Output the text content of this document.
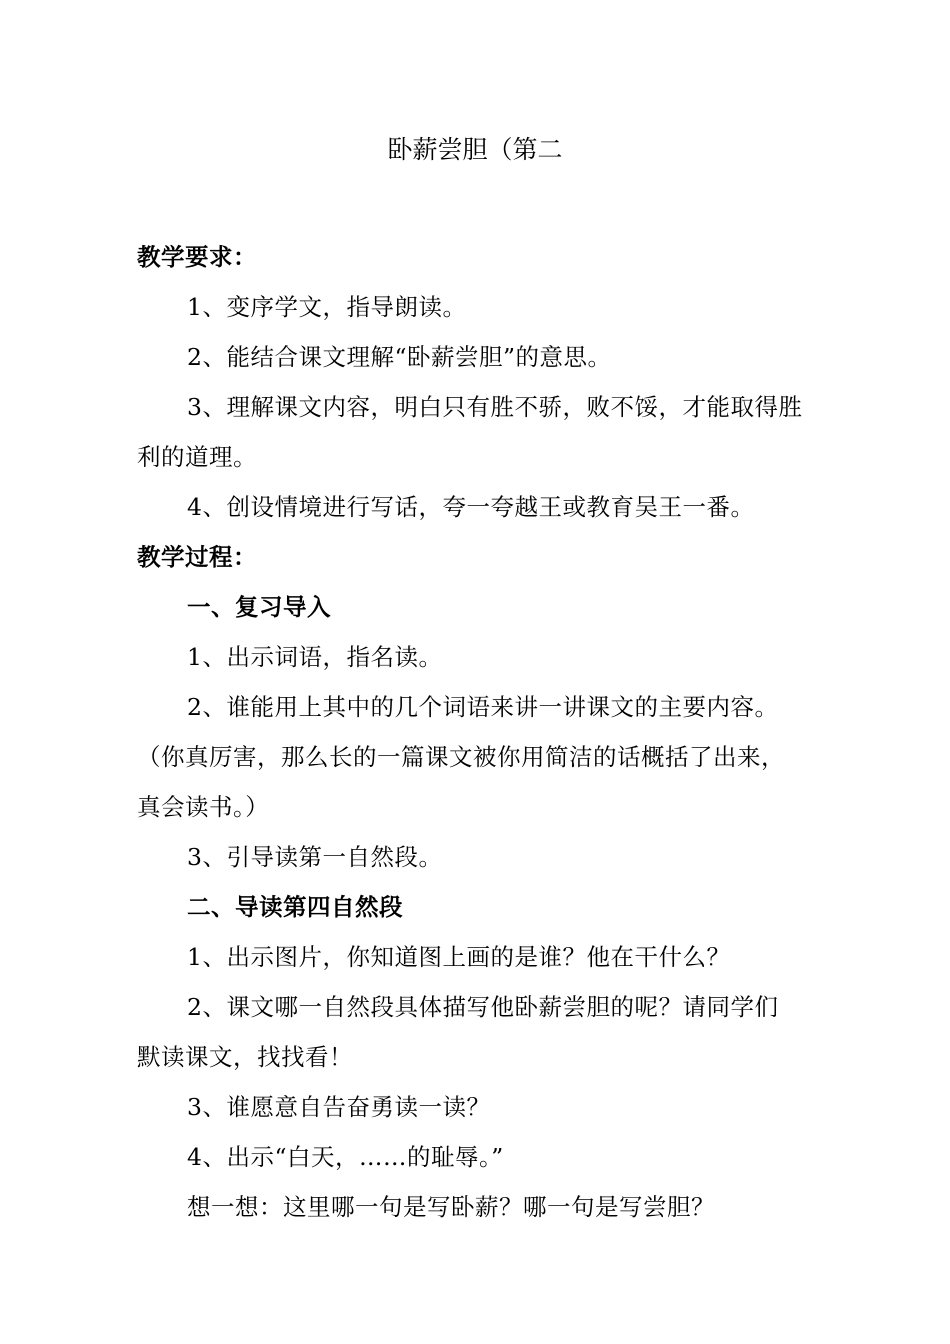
卧薪尝胆（第二
教学要求：
1、变序学文，指导朗读。
2、能结合课文理解“卧薪尝胆”的意思。
3、理解课文内容，明白只有胜不骄，败不馁，才能取得胜
利的道理。
4、创设情境进行写话，夸一夸越王或教育吴王一番。
教学过程：
一、复习导入
1、出示词语，指名读。
2、谁能用上其中的几个词语来讲一讲课文的主要内容。
（你真厉害，那么长的一篇课文被你用简洁的话概括了出来，
真会读书。）
3、引导读第一自然段。
二、导读第四自然段
1、出示图片，你知道图上画的是谁？他在干什么？
2、课文哪一自然段具体描写他卧薪尝胆的呢？请同学们
默读课文，找找看！
3、谁愿意自告奋勇读一读？
4、出示“白天，……的耻辱。”
想一想：这里哪一句是写卧薪？哪一句是写尝胆？
